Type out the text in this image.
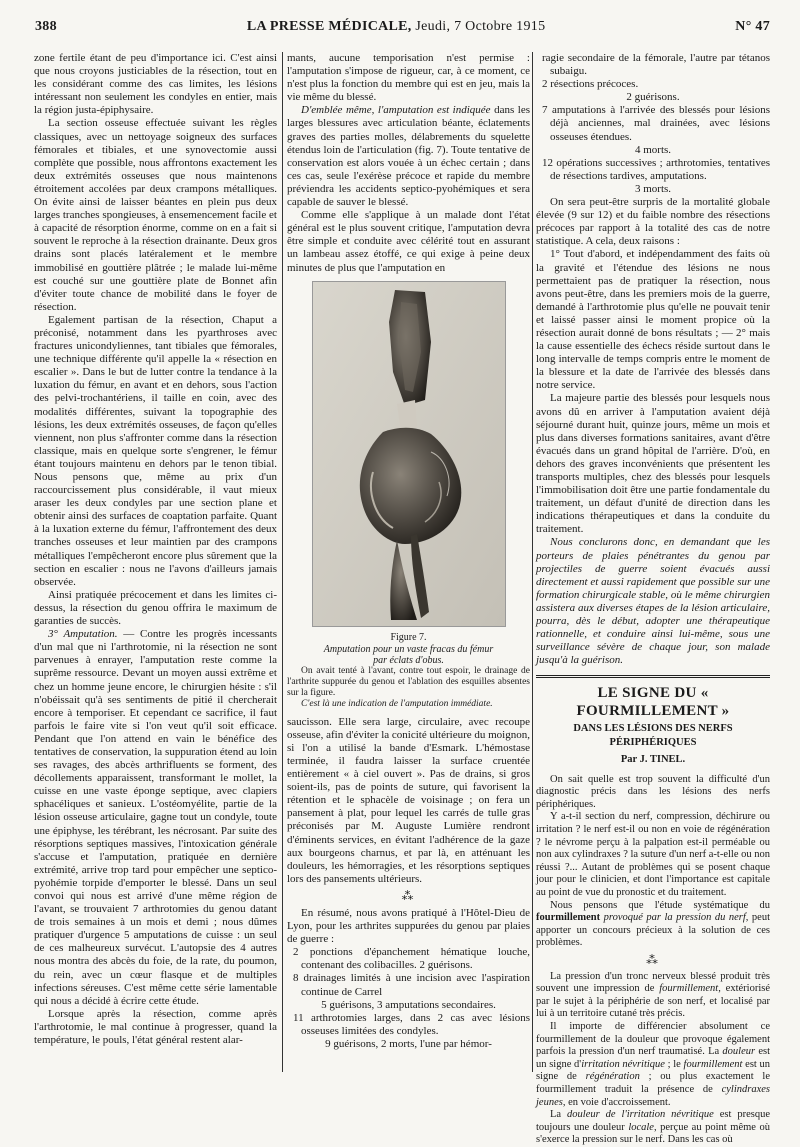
388	LA PRESSE MÉDICALE, Jeudi, 7 Octobre 1915	N° 47

zone fertile étant de peu d'importance ici. C'est ainsi que nous croyons justiciables de la résection, tout en les considérant comme des cas limites, les lésions intéressant non seulement les condyles en entier, mais la région justa-épiphysaire.

La section osseuse effectuée suivant les règles classiques, avec un nettoyage soigneux des surfaces fémorales et tibiales, et une synovectomie aussi complète que possible, nous affrontons exactement les deux extrémités osseuses que nous maintenons étroitement accolées par deux crampons métalliques. On évite ainsi de laisser béantes en plein pus deux larges tranches spongieuses, à ensemencement facile et à capacité de résorption énorme, comme on en a fait si souvent le reproche à la résection drainante. Deux gros drains sont placés latéralement et le membre immobilisé en gouttière plâtrée ; le malade lui-même est couché sur une gouttière plate de Bonnet afin d'éviter toute chance de mobilité dans le foyer de résection.

Egalement partisan de la résection, Chaput a préconisé, notamment dans les pyarthroses avec fractures unicondyliennes, tant tibiales que fémorales, une technique différente qu'il appelle la « résection en escalier ». Dans le but de lutter contre la tendance à la luxation du fémur, en avant et en dehors, sous l'action des pelvi-trochantériens, il taille en coin, avec des modalités différentes, suivant la topographie des lésions, les deux extrémités osseuses, de façon qu'elles viennent, non plus s'affronter comme dans la résection classique, mais en quelque sorte s'engrener, le fémur étant toujours maintenu en dehors par le tenon tibial. Nous pensons que, même au prix d'un raccourcissement plus considérable, il vaut mieux araser les deux condyles par une section plane et obtenir ainsi des surfaces de coaptation parfaite. Quant à la luxation externe du fémur, l'affrontement des deux tranches osseuses et leur maintien par des crampons métalliques l'empêcheront encore plus sûrement que la section en escalier : nous ne l'avons d'ailleurs jamais observée.

Ainsi pratiquée précocement et dans les limites ci-dessus, la résection du genou offrira le maximum de garanties de succès.

3° Amputation. — Contre les progrès incessants d'un mal que ni l'arthrotomie, ni la résection ne sont parvenues à enrayer, l'amputation reste comme la suprême ressource. Devant un moyen aussi extrême et chez un homme jeune encore, le chirurgien hésite : s'il n'obéissait qu'à ses sentiments de pitié il chercherait encore à temporiser. Et cependant ce sacrifice, il faut parfois le faire vite si l'on veut qu'il soit efficace. Pendant que l'on attend en vain le bénéfice des tentatives de conservation, la suppuration étend au loin ses ravages, des abcès arthrifluents se forment, des décollements apparaissent, transformant le mollet, la cuisse en une vaste éponge septique, avec clapiers sphacéliques et sanieux. L'ostéomyélite, partie de la lésion osseuse articulaire, gagne tout un condyle, toute une épiphyse, les térébrant, les nécrosant. Par suite des résorptions septiques massives, l'intoxication générale s'accuse et l'amputation, pratiquée en dernière extrémité, arrive trop tard pour empêcher une septico-pyohémie torpide d'emporter le blessé. Dans un seul convoi qui nous est arrivé d'une même région de l'avant, se trouvaient 7 arthrotomies du genou datant de trois semaines à un mois et demi ; nous dûmes pratiquer d'urgence 5 amputations de cuisse : un seul de ces malheureux survécut. L'autopsie des 4 autres nous montra des abcès du foie, de la rate, du poumon, du rein, avec un cœur flasque et de multiples infections séreuses. C'est même cette série lamentable qui nous a décidé à écrire cette étude.

Lorsque après la résection, comme après l'arthrotomie, le mal continue à progresser, quand la température, le pouls, l'état général restent alar-

mants, aucune temporisation n'est permise : l'amputation s'impose de rigueur, car, à ce moment, ce n'est plus la fonction du membre qui est en jeu, mais la vie même du blessé.

D'emblée même, l'amputation est indiquée dans les larges blessures avec articulation béante, éclatements graves des parties molles, délabrements du squelette étendus loin de l'articulation (fig. 7). Toute tentative de conservation est alors vouée à un échec certain ; dans ces cas, seule l'exérèse précoce et rapide du membre préviendra les accidents septico-pyohémiques et sera capable de sauver le blessé.

Comme elle s'applique à un malade dont l'état général est le plus souvent critique, l'amputation devra être simple et conduite avec célérité tout en assurant un lambeau assez étoffé, ce qui exige à peine deux minutes de plus que l'amputation en

Figure 7.
Amputation pour un vaste fracas du fémur
par éclats d'obus.

On avait tenté à l'avant, contre tout espoir, le drainage de l'arthrite suppurée du genou et l'ablation des esquilles absentes sur la figure.

C'est là une indication de l'amputation immédiate.

saucisson. Elle sera large, circulaire, avec recoupe osseuse, afin d'éviter la conicité ultérieure du moignon, si l'on a utilisé la bande d'Esmark. L'hémostase terminée, il faudra laisser la surface cruentée entièrement « à ciel ouvert ». Pas de drains, si gros soient-ils, pas de points de suture, qui favorisent la rétention et le sphacèle de voisinage ; on fera un pansement à plat, pour lequel les carrés de tulle gras préconisés par M. Auguste Lumière rendront d'éminents services, en évitant l'adhérence de la gaze aux bourgeons charnus, et par là, en atténuant les douleurs, les hémorragies, et les résorptions septiques lors des pansements ultérieurs.

⁂

En résumé, nous avons pratiqué à l'Hôtel-Dieu de Lyon, pour les arthrites suppurées du genou par plaies de guerre :

2 ponctions d'épanchement hématique louche, contenant des colibacilles. 2 guérisons.

8 drainages limités à une incision avec l'aspiration continue de Carrel

5 guérisons, 3 amputations secondaires.

11 arthrotomies larges, dans 2 cas avec lésions osseuses limitées des condyles.

9 guérisons, 2 morts, l'une par hémor-

ragie secondaire de la fémorale, l'autre par tétanos subaigu.

2 résections précoces.

2 guérisons.

7 amputations à l'arrivée des blessés pour lésions déjà anciennes, mal drainées, avec lésions osseuses étendues.

4 morts.

12 opérations successives ; arthrotomies, tentatives de résections tardives, amputations.

3 morts.

On sera peut-être surpris de la mortalité globale élevée (9 sur 12) et du faible nombre des résections précoces par rapport à la totalité des cas de notre statistique. A cela, deux raisons :

1° Tout d'abord, et indépendamment des faits où la gravité et l'étendue des lésions ne nous permettaient pas de pratiquer la résection, nous avons peut-être, dans les premiers mois de la guerre, demandé à l'arthrotomie plus qu'elle ne pouvait tenir et laissé passer ainsi le moment propice où la résection aurait donné de bons résultats ; — 2° mais la cause essentielle des échecs réside surtout dans le long intervalle de temps compris entre le moment de la blessure et la date de l'arrivée des blessés dans notre service.

La majeure partie des blessés pour lesquels nous avons dû en arriver à l'amputation avaient déjà séjourné durant huit, quinze jours, même un mois et plus dans diverses formations sanitaires, avant d'être évacués dans un grand hôpital de l'arrière. D'où, en dehors des graves inconvénients que présentent les transports multiples, chez des blessés pour lesquels l'immobilisation doit être une partie fondamentale du traitement, un défaut d'unité de direction dans les indications thérapeutiques et dans la conduite du traitement.

Nous conclurons donc, en demandant que les porteurs de plaies pénétrantes du genou par projectiles de guerre soient évacués aussi directement et aussi rapidement que possible sur une formation chirurgicale stable, où le même chirurgien assistera aux diverses étapes de la lésion articulaire, pourra, dès le début, adopter une thérapeutique rationnelle, et conduire ainsi lui-même, sous une surveillance sévère de chaque jour, son malade jusqu'à la guérison.

LE SIGNE DU « FOURMILLEMENT »
DANS LES LÉSIONS DES NERFS PÉRIPHÉRIQUES
Par J. TINEL.

On sait quelle est trop souvent la difficulté d'un diagnostic précis dans les lésions des nerfs périphériques.

Y a-t-il section du nerf, compression, déchirure ou irritation ? le nerf est-il ou non en voie de régénération ? le névrome perçu à la palpation est-il perméable ou non aux cylindraxes ? la suture d'un nerf a-t-elle ou non réussi ?... Autant de problèmes qui se posent chaque jour pour le clinicien, et dont l'importance est capitale au point de vue du pronostic et du traitement.

Nous pensons que l'étude systématique du fourmillement provoqué par la pression du nerf, peut apporter un concours précieux à la solution de ces problèmes.

⁂

La pression d'un tronc nerveux blessé produit très souvent une impression de fourmillement, extériorisé par le sujet à la périphérie de son nerf, et localisé par lui à un territoire cutané très précis.

Il importe de différencier absolument ce fourmillement de la douleur que provoque également parfois la pression d'un nerf traumatisé. La douleur est un signe d'irritation névritique ; le fourmillement est un signe de régénération ; ou plus exactement le fourmillement traduit la présence de cylindraxes jeunes, en voie d'accroissement.

La douleur de l'irritation névritique est presque toujours une douleur locale, perçue au point même où s'exerce la pression sur le nerf. Dans les cas où
